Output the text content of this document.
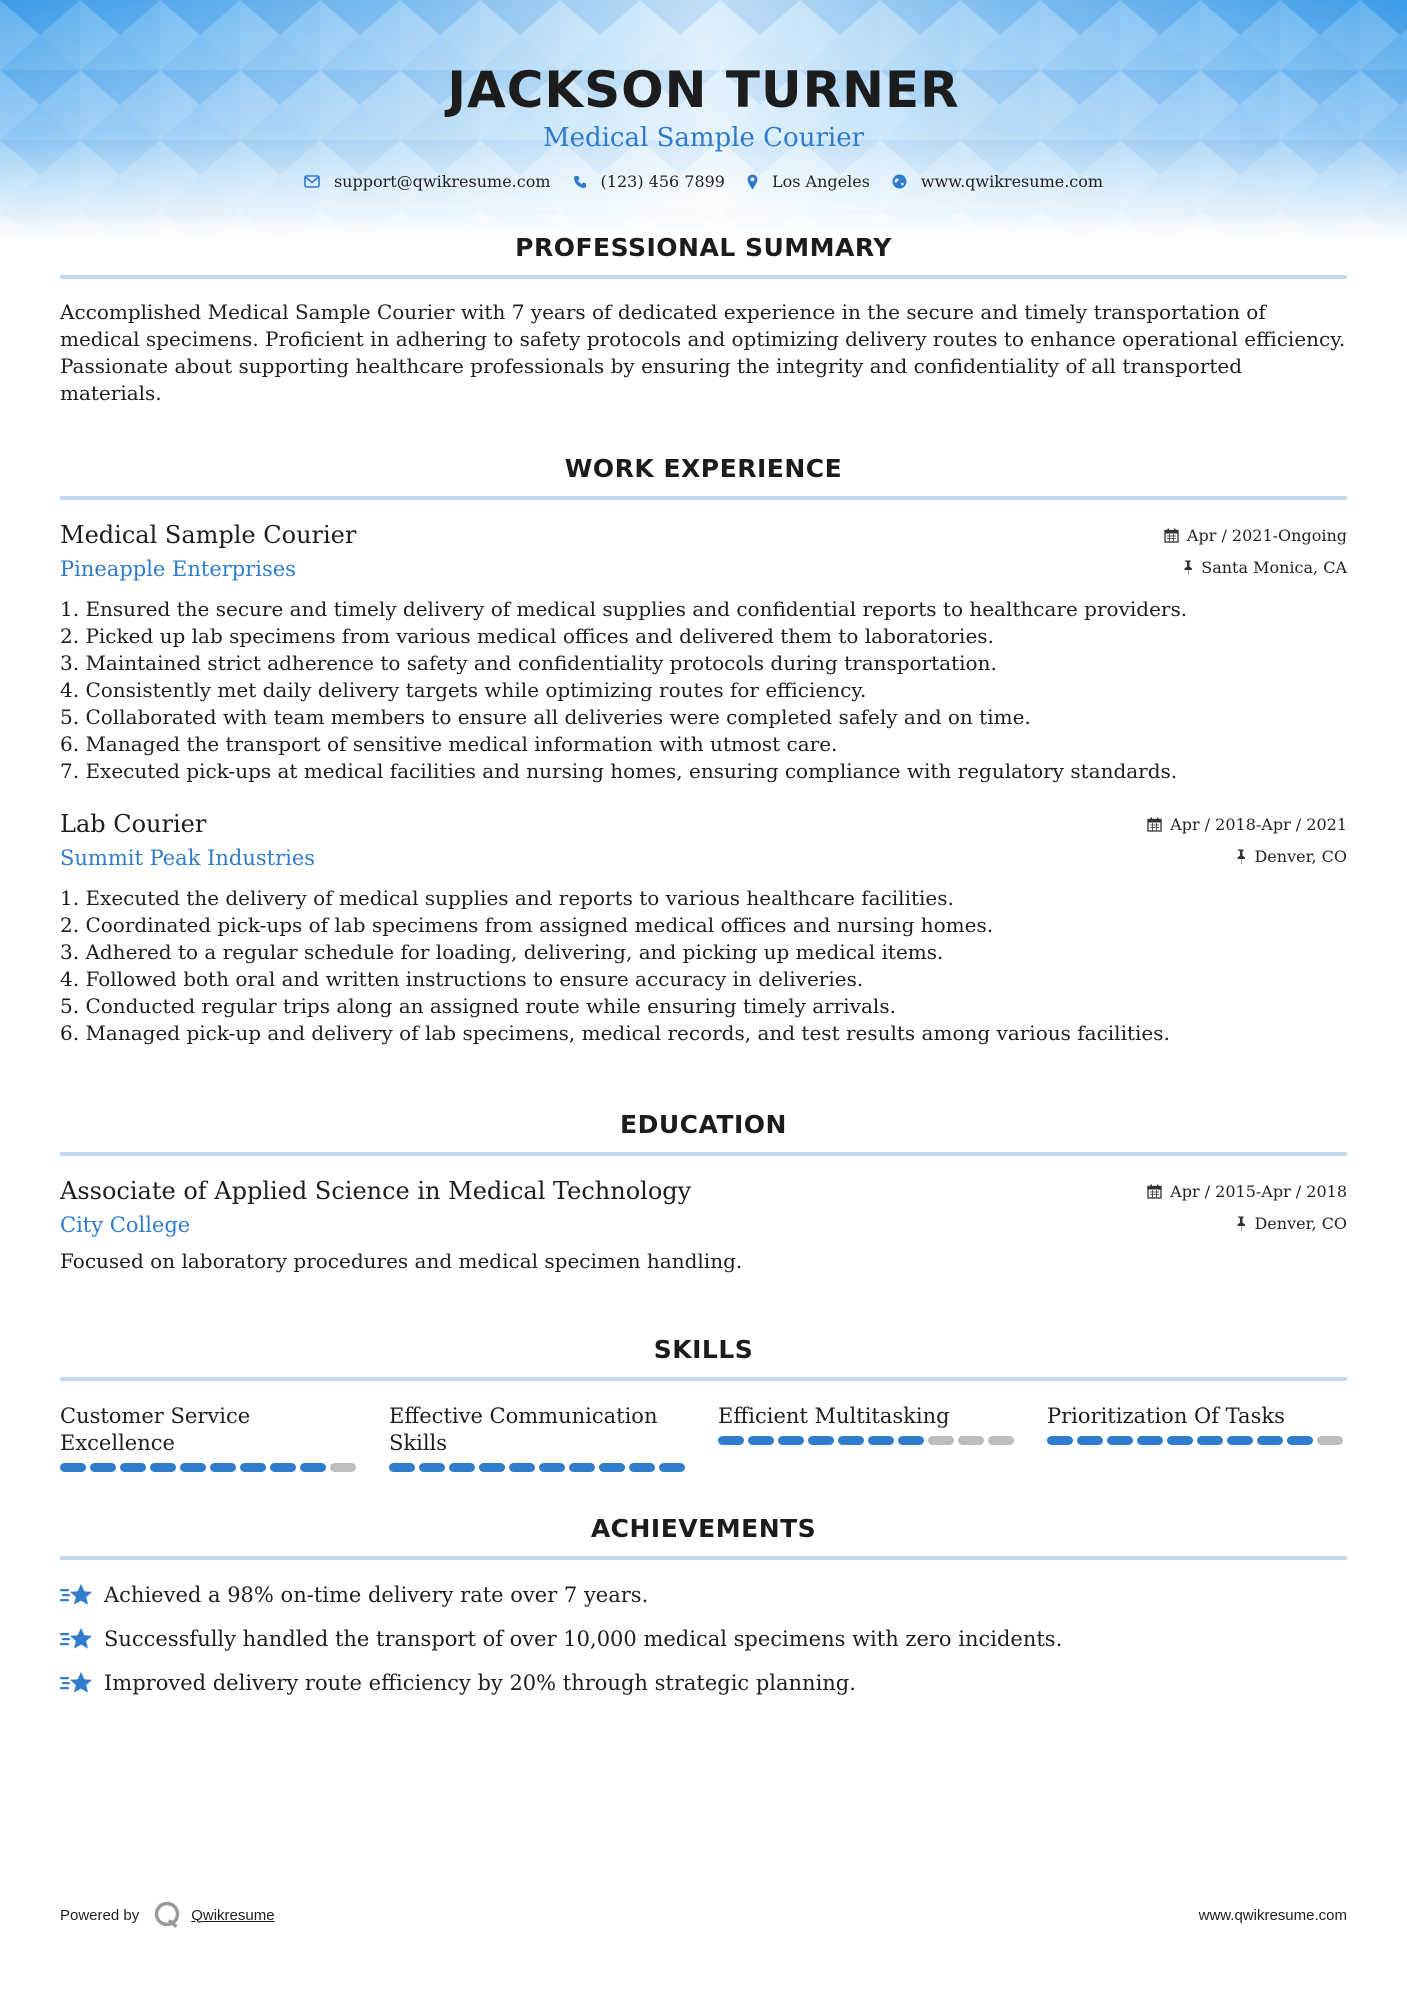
JACKSON TURNER
Medical Sample Courier
support@qwikresume.com	(123) 456 7899	Los Angeles	www.qwikresume.com
PROFESSIONAL SUMMARY
Accomplished Medical Sample Courier with 7 years of dedicated experience in the secure and timely transportation of medical specimens. Proficient in adhering to safety protocols and optimizing delivery routes to enhance operational efficiency. Passionate about supporting healthcare professionals by ensuring the integrity and confidentiality of all transported materials.
WORK EXPERIENCE
Medical Sample Courier	Apr / 2021-Ongoing
Pineapple Enterprises	Santa Monica, CA
1. Ensured the secure and timely delivery of medical supplies and confidential reports to healthcare providers.
2. Picked up lab specimens from various medical offices and delivered them to laboratories.
3. Maintained strict adherence to safety and confidentiality protocols during transportation.
4. Consistently met daily delivery targets while optimizing routes for efficiency.
5. Collaborated with team members to ensure all deliveries were completed safely and on time.
6. Managed the transport of sensitive medical information with utmost care.
7. Executed pick-ups at medical facilities and nursing homes, ensuring compliance with regulatory standards.
Lab Courier	Apr / 2018-Apr / 2021
Summit Peak Industries	Denver, CO
1. Executed the delivery of medical supplies and reports to various healthcare facilities.
2. Coordinated pick-ups of lab specimens from assigned medical offices and nursing homes.
3. Adhered to a regular schedule for loading, delivering, and picking up medical items.
4. Followed both oral and written instructions to ensure accuracy in deliveries.
5. Conducted regular trips along an assigned route while ensuring timely arrivals.
6. Managed pick-up and delivery of lab specimens, medical records, and test results among various facilities.
EDUCATION
Associate of Applied Science in Medical Technology	Apr / 2015-Apr / 2018
City College	Denver, CO
Focused on laboratory procedures and medical specimen handling.
SKILLS
Customer Service Excellence
Effective Communication Skills
Efficient Multitasking	Prioritization Of Tasks
ACHIEVEMENTS
Achieved a 98% on-time delivery rate over 7 years.
Successfully handled the transport of over 10,000 medical specimens with zero incidents.
Improved delivery route efficiency by 20% through strategic planning.
Powered by	Qwikresume	www.qwikresume.com
